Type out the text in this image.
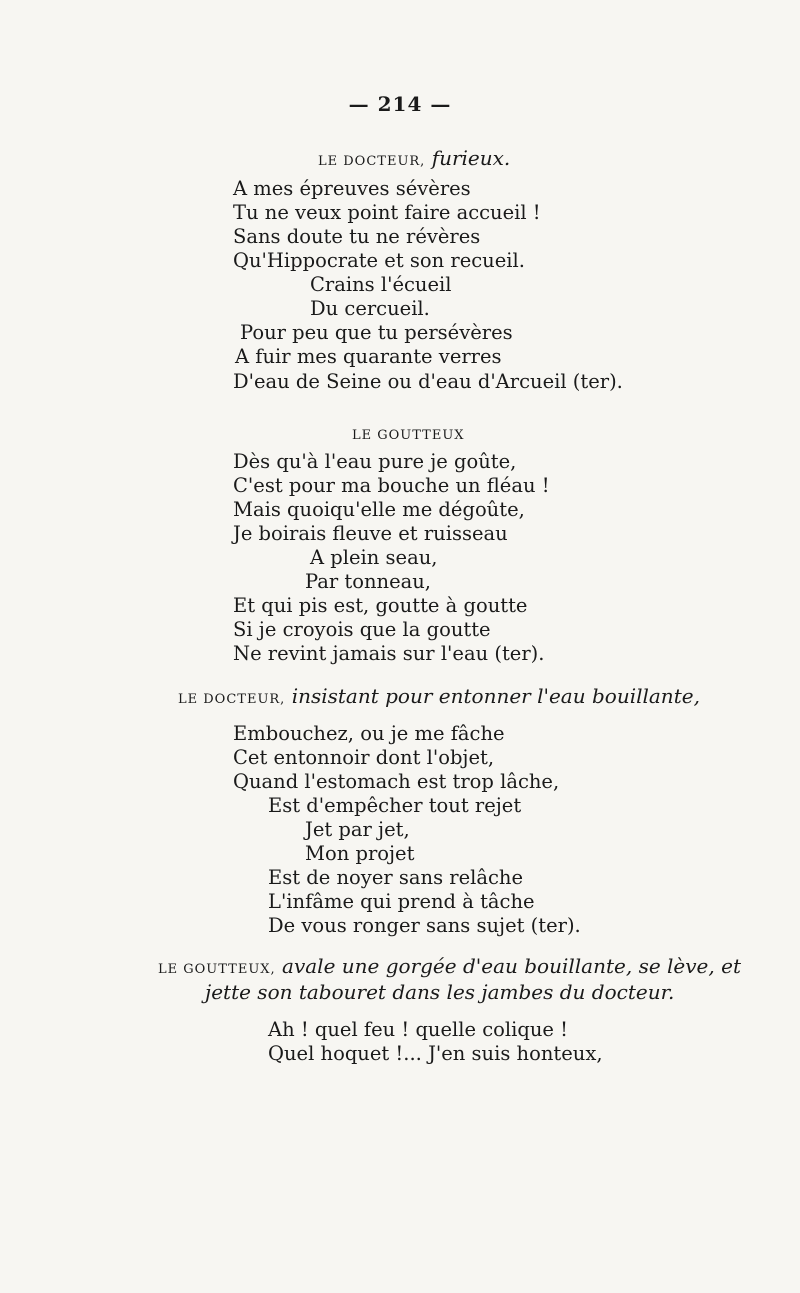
— 214 —
LE DOCTEUR, furieux.
A mes épreuves sévères
Tu ne veux point faire accueil !
Sans doute tu ne révères
Qu'Hippocrate et son recueil.
Crains l'écueil
Du cercueil.
Pour peu que tu persévères
A fuir mes quarante verres
D'eau de Seine ou d'eau d'Arcueil (ter).
LE GOUTTEUX
Dès qu'à l'eau pure je goûte,
C'est pour ma bouche un fléau !
Mais quoiqu'elle me dégoûte,
Je boirais fleuve et ruisseau
A plein seau,
Par tonneau,
Et qui pis est, goutte à goutte
Si je croyois que la goutte
Ne revint jamais sur l'eau (ter).
LE DOCTEUR, insistant pour entonner l'eau bouillante,
Embouchez, ou je me fâche
Cet entonnoir dont l'objet,
Quand l'estomach est trop lâche,
Est d'empêcher tout rejet
Jet par jet,
Mon projet
Est de noyer sans relâche
L'infâme qui prend à tâche
De vous ronger sans sujet (ter).
LE GOUTTEUX, avale une gorgée d'eau bouillante, se lève, et
jette son tabouret dans les jambes du docteur.
Ah ! quel feu ! quelle colique !
Quel hoquet !... J'en suis honteux,
